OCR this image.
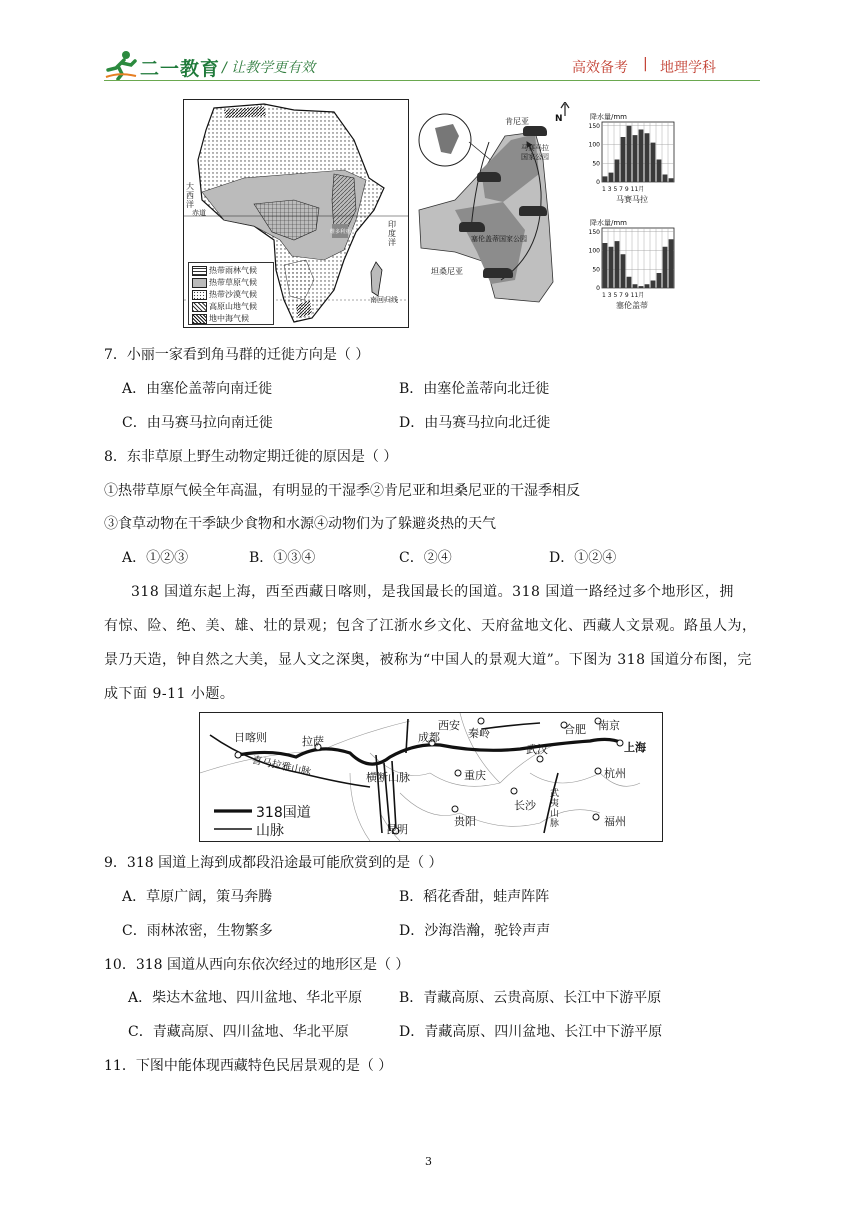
二一教育 / 让教学更有效	高效备考 | 地理学科
大西洋
赤道
印度洋
南回归线
维多利亚湖
热带雨林气候
热带草原气候
热带沙漠气候
高原山地气候
地中海气候
N
肯尼亚
马赛马拉国家公园
塞伦盖蒂国家公园
坦桑尼亚
降水量/mm
150
100
50
0
1 3 5 7 9 11月
马赛马拉
降水量/mm
150
100
50
0
1 3 5 7 9 11月
塞伦盖蒂
7．小丽一家看到角马群的迁徙方向是（ ）
A．由塞伦盖蒂向南迁徙	B．由塞伦盖蒂向北迁徙
C．由马赛马拉向南迁徙	D．由马赛马拉向北迁徙
8．东非草原上野生动物定期迁徙的原因是（ ）
①热带草原气候全年高温，有明显的干湿季②肯尼亚和坦桑尼亚的干湿季相反
③食草动物在干季缺少食物和水源④动物们为了躲避炎热的天气
A．①②③	B．①③④	C．②④	D．①②④
318 国道东起上海，西至西藏日喀则，是我国最长的国道。318 国道一路经过多个地形区，拥
有惊、险、绝、美、雄、壮的景观；包含了江浙水乡文化、天府盆地文化、西藏人文景观。路虽人为，
景乃天造，钟自然之大美，显人文之深奥，被称为“中国人的景观大道”。下图为 318 国道分布图，完
成下面 9-11 小题。
日喀则	拉萨	成都
西安	合肥 南京
上海
武汉
重庆
贵阳
长沙
杭州
福州
昆明
喜马拉雅山脉	横断山脉
秦岭
武夷山脉
318国道
山脉
9．318 国道上海到成都段沿途最可能欣赏到的是（ ）
A．草原广阔，策马奔腾	B．稻花香甜，蛙声阵阵
C．雨林浓密，生物繁多	D．沙海浩瀚，驼铃声声
10．318 国道从西向东依次经过的地形区是（ ）
A．柴达木盆地、四川盆地、华北平原	B．青藏高原、云贵高原、长江中下游平原
C．青藏高原、四川盆地、华北平原	D．青藏高原、四川盆地、长江中下游平原
11．下图中能体现西藏特色民居景观的是（ ）
3
